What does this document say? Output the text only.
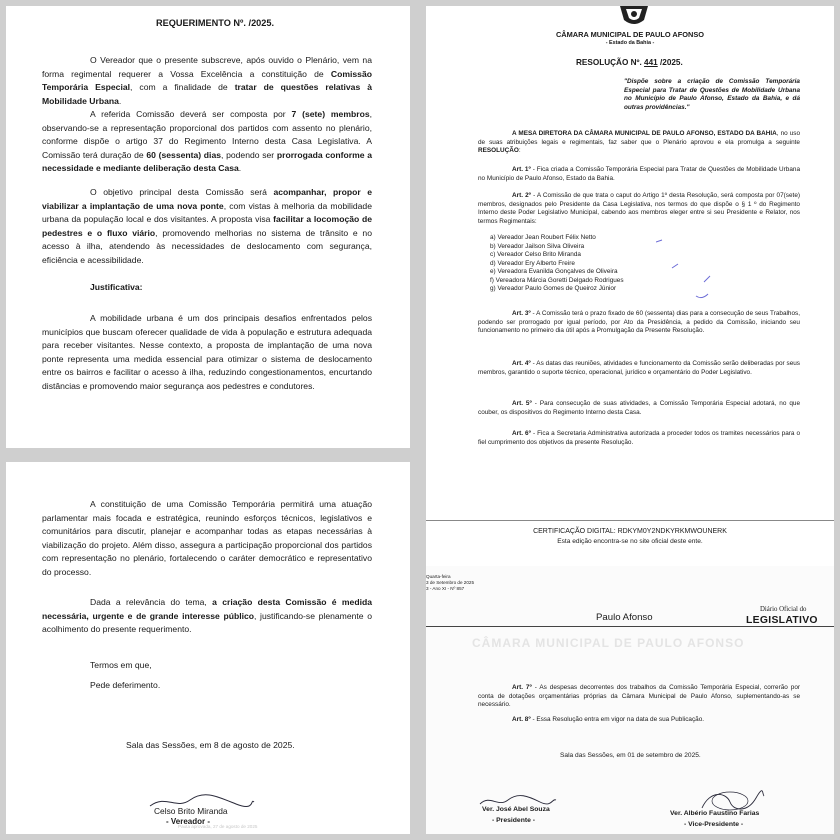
REQUERIMENTO Nº. /2025.
O Vereador que o presente subscreve, após ouvido o Plenário, vem na forma regimental requerer a Vossa Excelência a constituição de Comissão Temporária Especial, com a finalidade de tratar de questões relativas à Mobilidade Urbana.
A referida Comissão deverá ser composta por 7 (sete) membros, observando-se a representação proporcional dos partidos com assento no plenário, conforme dispõe o artigo 37 do Regimento Interno desta Casa Legislativa. A Comissão terá duração de 60 (sessenta) dias, podendo ser prorrogada conforme a necessidade e mediante deliberação desta Casa.
O objetivo principal desta Comissão será acompanhar, propor e viabilizar a implantação de uma nova ponte, com vistas à melhoria da mobilidade urbana da população local e dos visitantes. A proposta visa facilitar a locomoção de pedestres e o fluxo viário, promovendo melhorias no sistema de trânsito e no acesso à ilha, atendendo às necessidades de deslocamento com segurança, eficiência e acessibilidade.
Justificativa:
A mobilidade urbana é um dos principais desafios enfrentados pelos municípios que buscam oferecer qualidade de vida à população e estrutura adequada para receber visitantes. Nesse contexto, a proposta de implantação de uma nova ponte representa uma medida essencial para otimizar o sistema de deslocamento entre os bairros e facilitar o acesso à ilha, reduzindo congestionamentos, encurtando distâncias e promovendo maior segurança aos pedestres e condutores.
A constituição de uma Comissão Temporária permitirá uma atuação parlamentar mais focada e estratégica, reunindo esforços técnicos, legislativos e comunitários para discutir, planejar e acompanhar todas as etapas necessárias à viabilização do projeto. Além disso, assegura a participação proporcional dos partidos com representação no plenário, fortalecendo o caráter democrático e representativo do processo.
Dada a relevância do tema, a criação desta Comissão é medida necessária, urgente e de grande interesse público, justificando-se plenamente o acolhimento do presente requerimento.
Termos em que,
Pede deferimento.
Sala das Sessões, em 8 de agosto de 2025.
Celso Brito Miranda
- Vereador -
Pauta aprovada, 27 de agosto de 2025
CÂMARA MUNICIPAL DE PAULO AFONSO
- Estado da Bahia -
RESOLUÇÃO Nº. 441 /2025.
"Dispõe sobre a criação de Comissão Temporária Especial para Tratar de Questões de Mobilidade Urbana no Município de Paulo Afonso, Estado da Bahia, e dá outras providências."
A MESA DIRETORA DA CÂMARA MUNICIPAL DE PAULO AFONSO, ESTADO DA BAHIA, no uso de suas atribuições legais e regimentais, faz saber que o Plenário aprovou e ela promulga a seguinte RESOLUÇÃO:
Art. 1º - Fica criada a Comissão Temporária Especial para Tratar de Questões de Mobilidade Urbana no Município de Paulo Afonso, Estado da Bahia.
Art. 2º - A Comissão de que trata o caput do Artigo 1º desta Resolução, será composta por 07(sete) membros, designados pelo Presidente da Casa Legislativa, nos termos do que dispõe o § 1 º do Regimento Interno deste Poder Legislativo Municipal, cabendo aos membros eleger entre si seu Presidente e Relator, nos termos Regimentais:
a) Vereador Jean Roubert Félix Netto
b) Vereador Jailson Silva Oliveira
c) Vereador Celso Brito Miranda
d) Vereador Ery Alberto Freire
e) Vereadora Evanilda Gonçalves de Oliveira
f) Vereadora Márcia Goretti Delgado Rodrigues
g) Vereador Paulo Gomes de Queiroz Júnior
Art. 3º - A Comissão terá o prazo fixado de 60 (sessenta) dias para a consecução de seus Trabalhos, podendo ser prorrogado por igual período, por Ato da Presidência, a pedido da Comissão, iniciando seu funcionamento no primeiro dia útil após a Promulgação da Presente Resolução.
Art. 4º - As datas das reuniões, atividades e funcionamento da Comissão serão deliberadas por seus membros, garantido o suporte técnico, operacional, jurídico e orçamentário do Poder Legislativo.
Art. 5º - Para consecução de suas atividades, a Comissão Temporária Especial adotará, no que couber, os dispositivos do Regimento Interno desta Casa.
Art. 6º - Fica a Secretaria Administrativa autorizada a proceder todos os tramites necessários para o fiel cumprimento dos objetivos da presente Resolução.
CERTIFICAÇÃO DIGITAL: RDKYM0Y2NDKYRKMWOUNERK
Esta edição encontra-se no site oficial deste ente.
Quarta-feira
3 de Setembro de 2025
3 - Ano XI - Nº 857
Paulo Afonso
Diário Oficial do
LEGISLATIVO
CÂMARA MUNICIPAL DE PAULO AFONSO
Art. 7º - As despesas decorrentes dos trabalhos da Comissão Temporária Especial, correrão por conta de dotações orçamentárias próprias da Câmara Municipal de Paulo Afonso, suplementando-as se necessário.
Art. 8º - Essa Resolução entra em vigor na data de sua Publicação.
Sala das Sessões, em 01 de setembro de 2025.
Ver. José Abel Souza
- Presidente -
Ver. Albério Faustino Farias
- Vice-Presidente -
